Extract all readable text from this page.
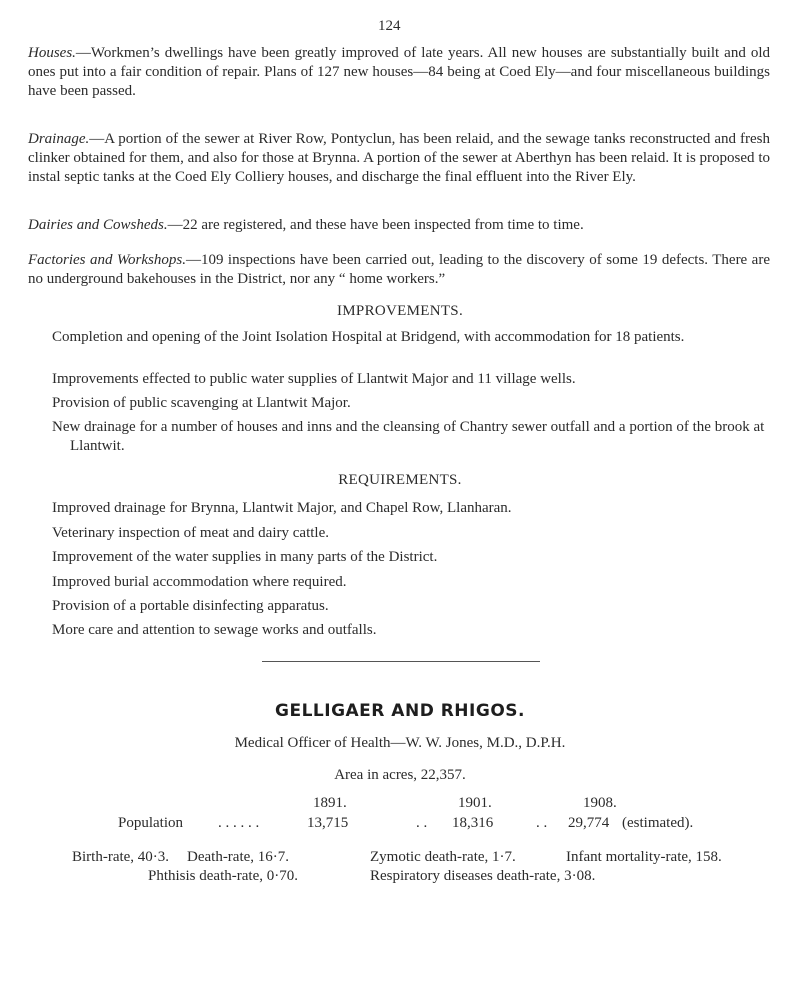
124

Houses.—Workmen’s dwellings have been greatly improved of late years. All new houses are substantially built and old ones put into a fair condition of repair. Plans of 127 new houses—84 being at Coed Ely—and four miscellaneous buildings have been passed.

Drainage.—A portion of the sewer at River Row, Pontyclun, has been relaid, and the sewage tanks reconstructed and fresh clinker obtained for them, and also for those at Brynna. A portion of the sewer at Aberthyn has been relaid. It is proposed to instal septic tanks at the Coed Ely Colliery houses, and discharge the final effluent into the River Ely.

Dairies and Cowsheds.—22 are registered, and these have been inspected from time to time.

Factories and Workshops.—109 inspections have been carried out, leading to the discovery of some 19 defects. There are no underground bakehouses in the District, nor any “ home workers.”

IMPROVEMENTS.

Completion and opening of the Joint Isolation Hospital at Bridgend, with accommodation for 18 patients.

Improvements effected to public water supplies of Llantwit Major and 11 village wells.

Provision of public scavenging at Llantwit Major.

New drainage for a number of houses and inns and the cleansing of Chantry sewer outfall and a portion of the brook at Llantwit.

REQUIREMENTS.

Improved drainage for Brynna, Llantwit Major, and Chapel Row, Llanharan.

Veterinary inspection of meat and dairy cattle.

Improvement of the water supplies in many parts of the District.

Improved burial accommodation where required.

Provision of a portable disinfecting apparatus.

More care and attention to sewage works and outfalls.

GELLIGAER AND RHIGOS.
Medical Officer of Health—W. W. Jones, M.D., D.P.H.
Area in acres, 22,357.
1891.	1901.	1908.
Population . . . . . .	13,715	. . 18,316	. . 29,774 (estimated).
Birth-rate, 40·3. Death-rate, 16·7.	Zymotic death-rate, 1·7.	Infant mortality-rate, 158.
Phthisis death-rate, 0·70.	Respiratory diseases death-rate, 3·08.
